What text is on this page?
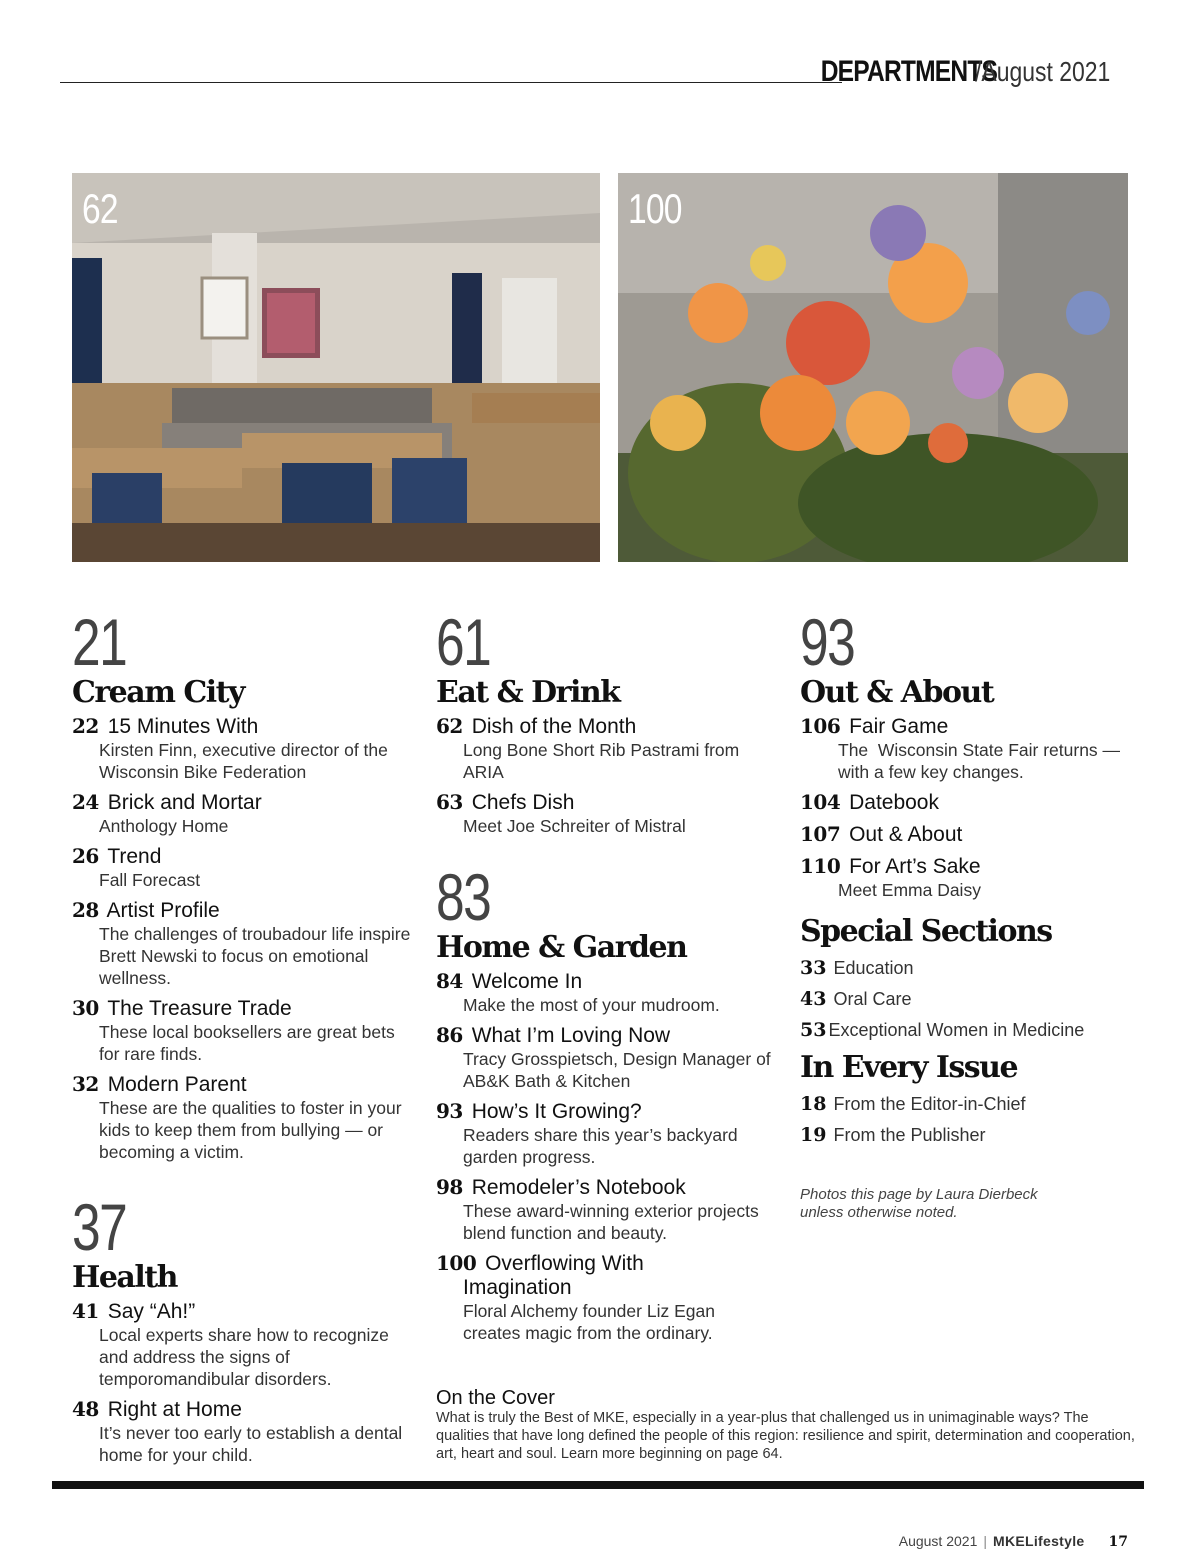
DEPARTMENTS/August 2021
62	100
21
Cream City
22 15 Minutes With
Kirsten Finn, executive director of the Wisconsin Bike Federation
24 Brick and Mortar
Anthology Home
26 Trend
Fall Forecast
28 Artist Profile
The challenges of troubadour life inspire Brett Newski to focus on emotional wellness.
30 The Treasure Trade
These local booksellers are great bets for rare finds.
32 Modern Parent
These are the qualities to foster in your kids to keep them from bullying — or becoming a victim.
37
Health
41 Say “Ah!”
Local experts share how to recognize and address the signs of temporomandibular disorders.
48 Right at Home
It’s never too early to establish a dental home for your child.
61
Eat & Drink
62 Dish of the Month
Long Bone Short Rib Pastrami from ARIA
63 Chefs Dish
Meet Joe Schreiter of Mistral
83
Home & Garden
84 Welcome In
Make the most of your mudroom.
86 What I’m Loving Now
Tracy Grosspietsch, Design Manager of AB&K Bath & Kitchen
93 How’s It Growing?
Readers share this year’s backyard garden progress.
98 Remodeler’s Notebook
These award-winning exterior projects blend function and beauty.
100 Overflowing With
Imagination
Floral Alchemy founder Liz Egan creates magic from the ordinary.
93
Out & About
106 Fair Game
The  Wisconsin State Fair returns — with a few key changes.
104 Datebook
107 Out & About
110 For Art’s Sake
Meet Emma Daisy
Special Sections
33 Education
43 Oral Care
53 Exceptional Women in Medicine
In Every Issue
18 From the Editor-in-Chief
19 From the Publisher
Photos this page by Laura Dierbeck
unless otherwise noted.
On the Cover
What is truly the Best of MKE, especially in a year-plus that challenged us in unimaginable ways? The qualities that have long defined the people of this region: resilience and spirit, determination and cooperation, art, heart and soul. Learn more beginning on page 64.
August 2021 | MKELifestyle 17
